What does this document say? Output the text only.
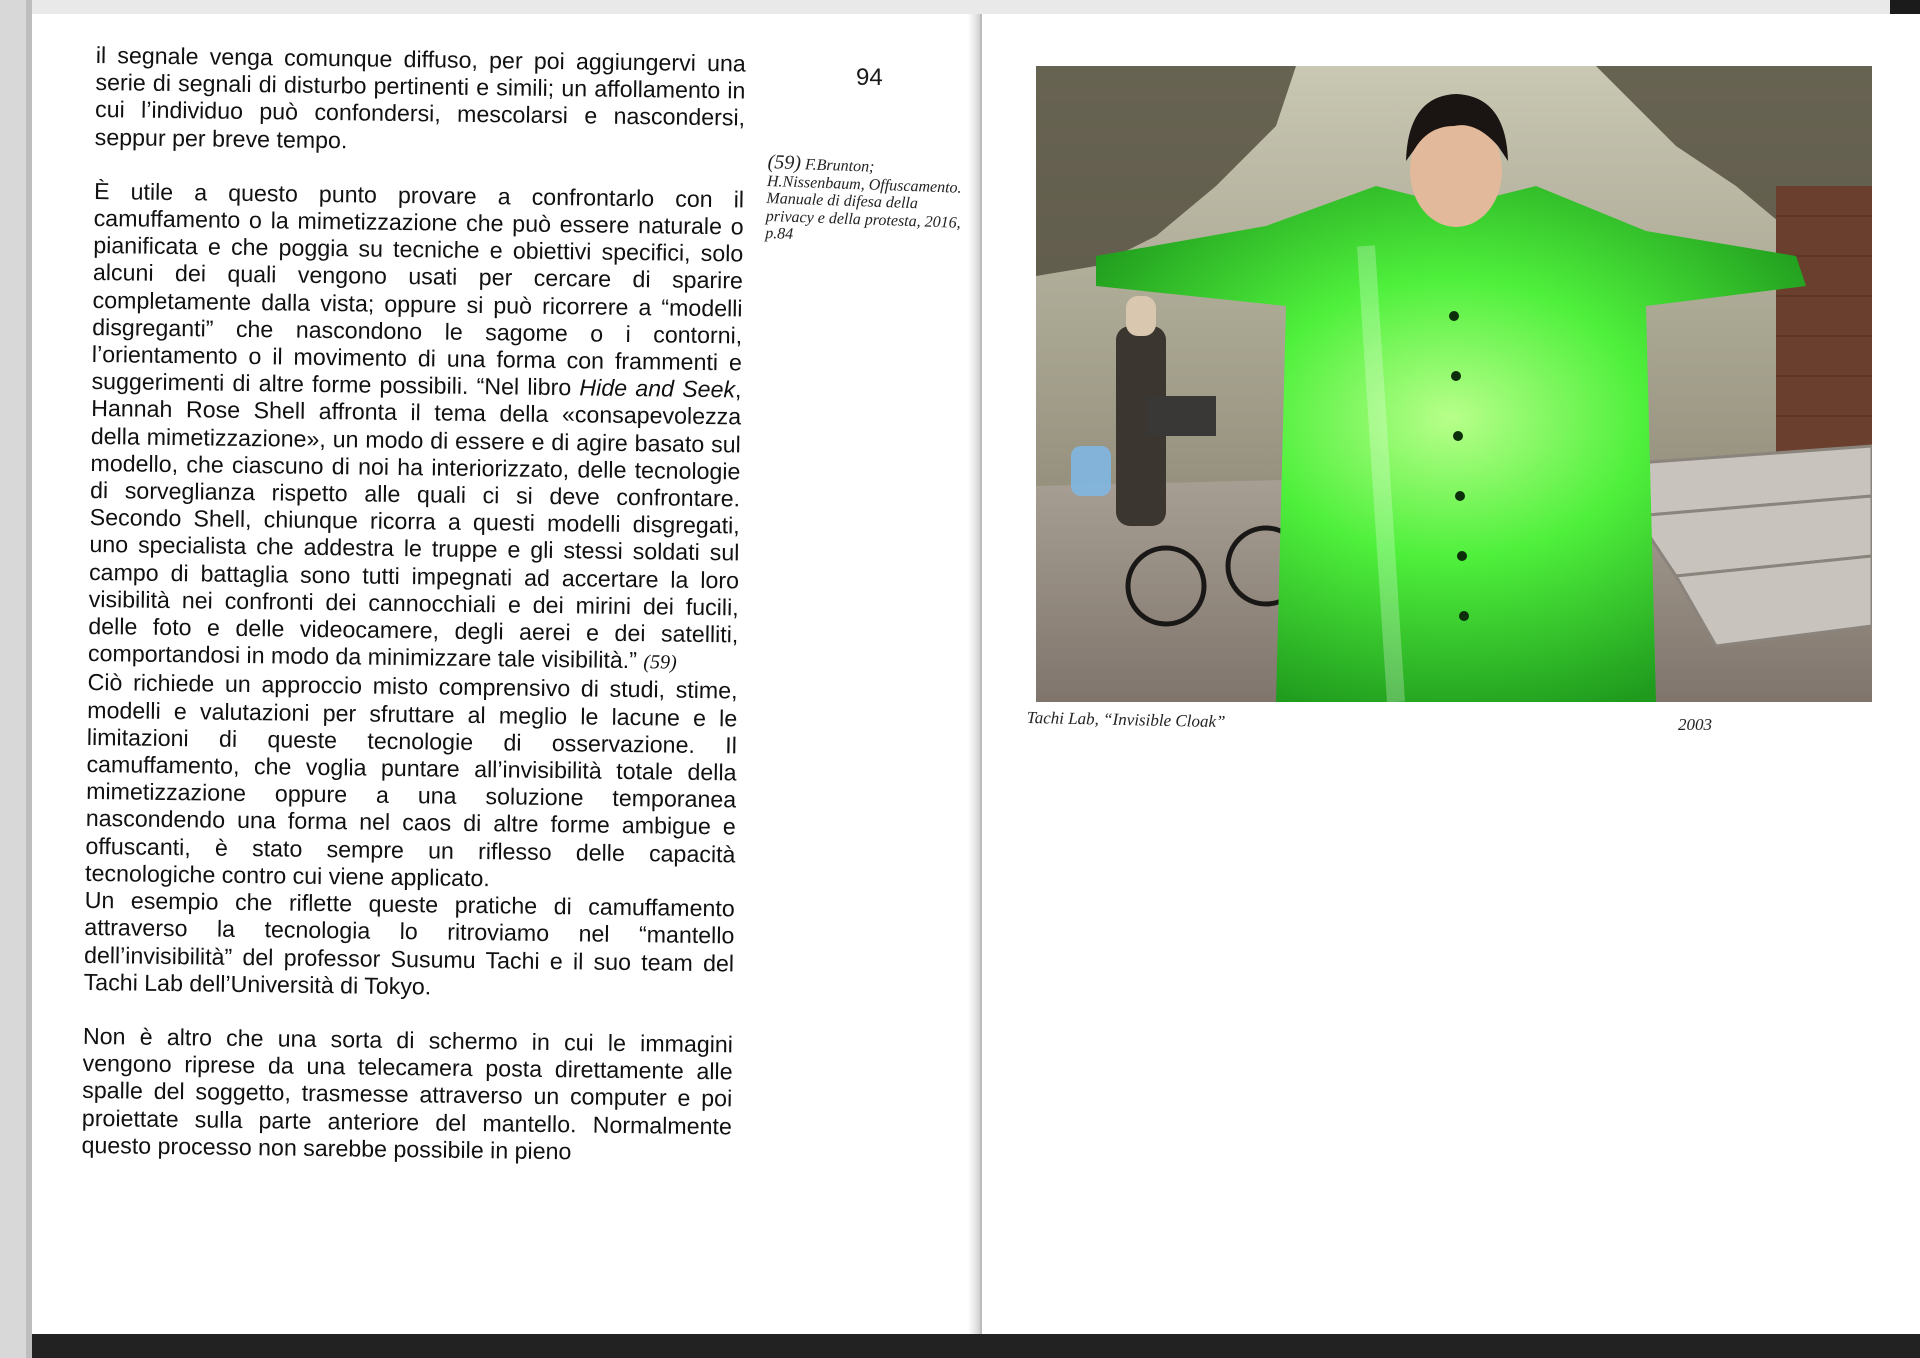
il segnale venga comunque diffuso, per poi aggiungervi una serie di segnali di disturbo pertinenti e simili; un affollamento in cui l’individuo può confondersi, mescolarsi e nascondersi, seppur per breve tempo.

È utile a questo punto provare a confrontarlo con il camuffamento o la mimetizzazione che può essere naturale o pianificata e che poggia su tecniche e obiettivi specifici, solo alcuni dei quali vengono usati per cercare di sparire completamente dalla vista; oppure si può ricorrere a “modelli disgreganti” che nascondono le sagome o i contorni, l’orientamento o il movimento di una forma con frammenti e suggerimenti di altre forme possibili. “Nel libro Hide and Seek, Hannah Rose Shell affronta il tema della «consapevolezza della mimetizzazione», un modo di essere e di agire basato sul modello, che ciascuno di noi ha interiorizzato, delle tecnologie di sorveglianza rispetto alle quali ci si deve confrontare. Secondo Shell, chiunque ricorra a questi modelli disgregati, uno specialista che addestra le truppe e gli stessi soldati sul campo di battaglia sono tutti impegnati ad accertare la loro visibilità nei confronti dei cannocchiali e dei mirini dei fucili, delle foto e delle videocamere, degli aerei e dei satelliti, comportandosi in modo da minimizzare tale visibilità.” (59)

Ciò richiede un approccio misto comprensivo di studi, stime, modelli e valutazioni per sfruttare al meglio le lacune e le limitazioni di queste tecnologie di osservazione. Il camuffamento, che voglia puntare all’invisibilità totale della mimetizzazione oppure a una soluzione temporanea nascondendo una forma nel caos di altre forme ambigue e offuscanti, è stato sempre un riflesso delle capacità tecnologiche contro cui viene applicato.

Un esempio che riflette queste pratiche di camuffamento attraverso la tecnologia lo ritroviamo nel “mantello dell’invisibilità” del professor Susumu Tachi e il suo team del Tachi Lab dell’Università di Tokyo.

Non è altro che una sorta di schermo in cui le immagini vengono riprese da una telecamera posta direttamente alle spalle del soggetto, trasmesse attraverso un computer e poi proiettate sulla parte anteriore del mantello. Normalmente questo processo non sarebbe possibile in pieno

94
(59) F.Brunton; H.Nissenbaum, Offuscamento. Manuale di difesa della privacy e della protesta, 2016, p.84
Tachi Lab, “Invisible Cloak”	2003
